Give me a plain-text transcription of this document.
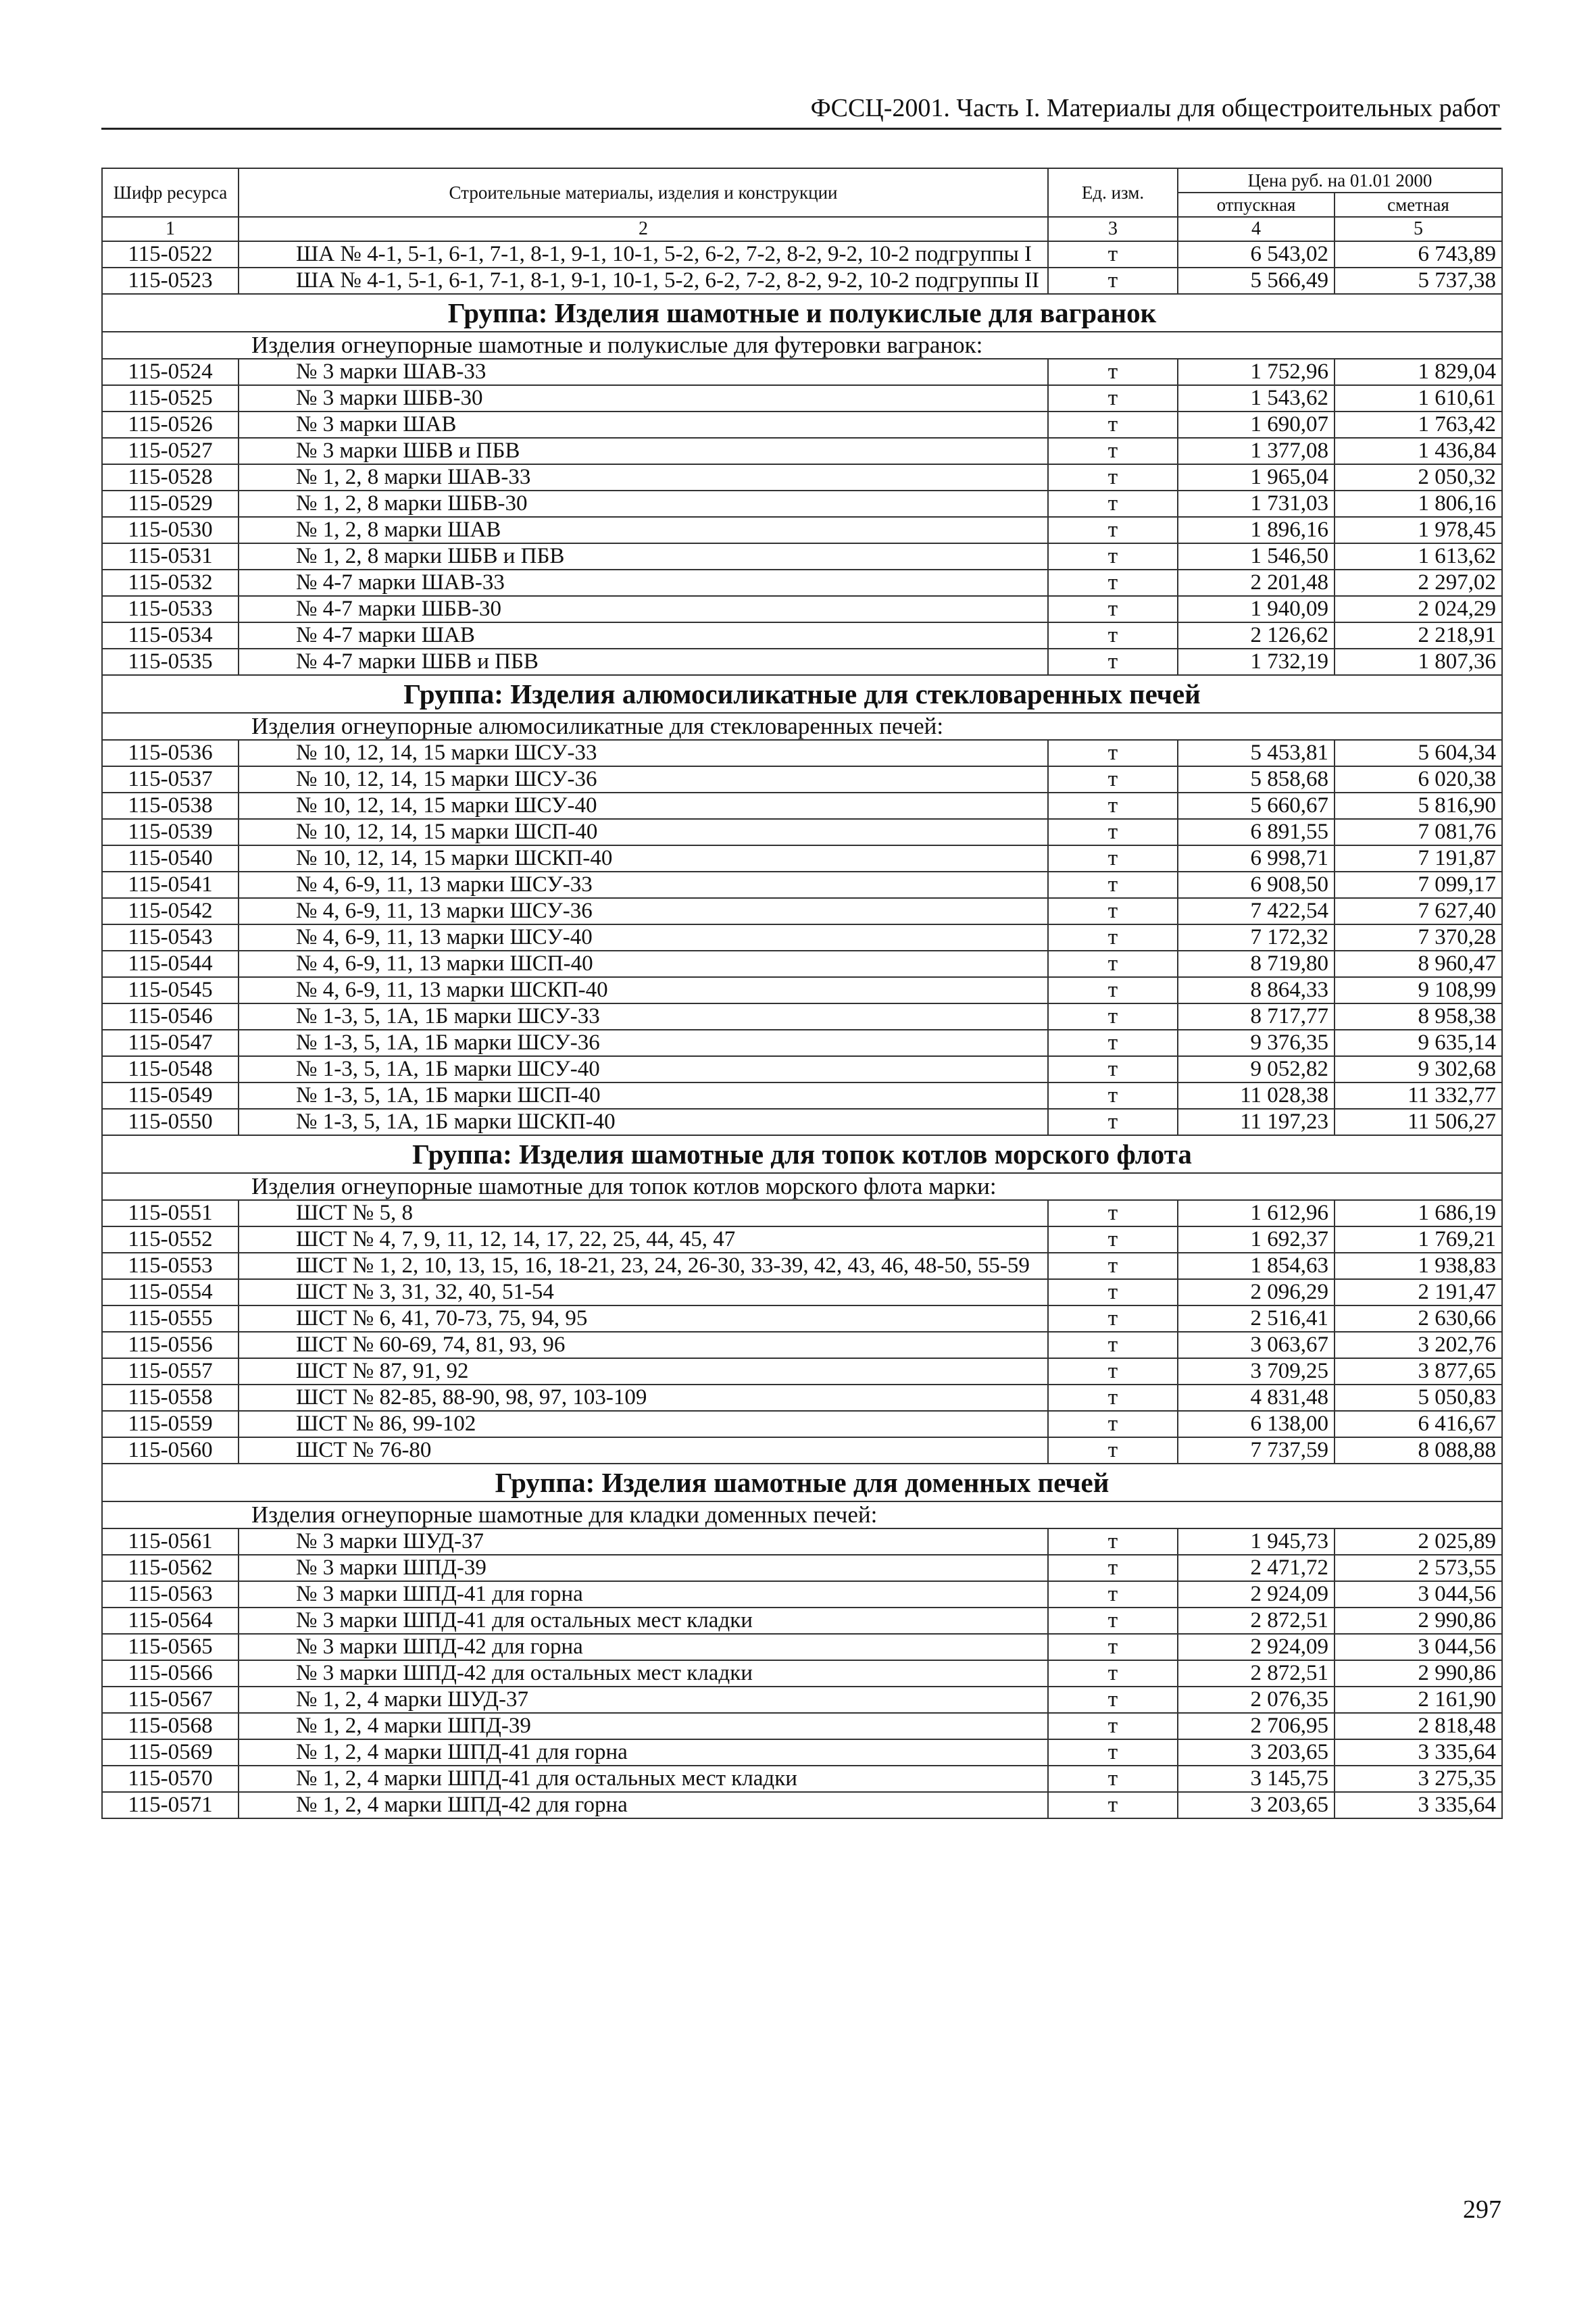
ФССЦ-2001. Часть I. Материалы для общестроительных работ
Шифр ресурса	Строительные материалы, изделия и конструкции	Ед. изм.	Цена руб. на 01.01 2000	
			отпускная	сметная
1	2	3	4	5
115-0522	ША № 4-1, 5-1, 6-1, 7-1, 8-1, 9-1, 10-1, 5-2, 6-2, 7-2, 8-2, 9-2, 10-2 подгруппы I	т	6 543,02	6 743,89
115-0523	ША № 4-1, 5-1, 6-1, 7-1, 8-1, 9-1, 10-1, 5-2, 6-2, 7-2, 8-2, 9-2, 10-2 подгруппы II	т	5 566,49	5 737,38
Группа: Изделия шамотные и полукислые для вагранок				
Изделия огнеупорные шамотные и полукислые для футеровки вагранок:				
115-0524	№ 3 марки ШАВ-33	т	1 752,96	1 829,04
115-0525	№ 3 марки ШБВ-30	т	1 543,62	1 610,61
115-0526	№ 3 марки ШАВ	т	1 690,07	1 763,42
115-0527	№ 3 марки ШБВ и ПБВ	т	1 377,08	1 436,84
115-0528	№ 1, 2, 8 марки ШАВ-33	т	1 965,04	2 050,32
115-0529	№ 1, 2, 8 марки ШБВ-30	т	1 731,03	1 806,16
115-0530	№ 1, 2, 8 марки ШАВ	т	1 896,16	1 978,45
115-0531	№ 1, 2, 8 марки ШБВ и ПБВ	т	1 546,50	1 613,62
115-0532	№ 4-7 марки ШАВ-33	т	2 201,48	2 297,02
115-0533	№ 4-7 марки ШБВ-30	т	1 940,09	2 024,29
115-0534	№ 4-7 марки ШАВ	т	2 126,62	2 218,91
115-0535	№ 4-7 марки ШБВ и ПБВ	т	1 732,19	1 807,36
Группа: Изделия алюмосиликатные для стекловаренных печей				
Изделия огнеупорные алюмосиликатные для стекловаренных печей:				
115-0536	№ 10, 12, 14, 15 марки ШСУ-33	т	5 453,81	5 604,34
115-0537	№ 10, 12, 14, 15 марки ШСУ-36	т	5 858,68	6 020,38
115-0538	№ 10, 12, 14, 15 марки ШСУ-40	т	5 660,67	5 816,90
115-0539	№ 10, 12, 14, 15 марки ШСП-40	т	6 891,55	7 081,76
115-0540	№ 10, 12, 14, 15 марки ШСКП-40	т	6 998,71	7 191,87
115-0541	№ 4, 6-9, 11, 13 марки ШСУ-33	т	6 908,50	7 099,17
115-0542	№ 4, 6-9, 11, 13 марки ШСУ-36	т	7 422,54	7 627,40
115-0543	№ 4, 6-9, 11, 13 марки ШСУ-40	т	7 172,32	7 370,28
115-0544	№ 4, 6-9, 11, 13 марки ШСП-40	т	8 719,80	8 960,47
115-0545	№ 4, 6-9, 11, 13 марки ШСКП-40	т	8 864,33	9 108,99
115-0546	№ 1-3, 5, 1А, 1Б марки ШСУ-33	т	8 717,77	8 958,38
115-0547	№ 1-3, 5, 1А, 1Б марки ШСУ-36	т	9 376,35	9 635,14
115-0548	№ 1-3, 5, 1А, 1Б марки ШСУ-40	т	9 052,82	9 302,68
115-0549	№ 1-3, 5, 1А, 1Б марки ШСП-40	т	11 028,38	11 332,77
115-0550	№ 1-3, 5, 1А, 1Б марки ШСКП-40	т	11 197,23	11 506,27
Группа: Изделия шамотные для топок котлов морского флота				
Изделия огнеупорные шамотные для топок котлов морского флота марки:				
115-0551	ШСТ № 5, 8	т	1 612,96	1 686,19
115-0552	ШСТ № 4, 7, 9, 11, 12, 14, 17, 22, 25, 44, 45, 47	т	1 692,37	1 769,21
115-0553	ШСТ № 1, 2, 10, 13, 15, 16, 18-21, 23, 24, 26-30, 33-39, 42, 43, 46, 48-50, 55-59	т	1 854,63	1 938,83
115-0554	ШСТ № 3, 31, 32, 40, 51-54	т	2 096,29	2 191,47
115-0555	ШСТ № 6, 41, 70-73, 75, 94, 95	т	2 516,41	2 630,66
115-0556	ШСТ № 60-69, 74, 81, 93, 96	т	3 063,67	3 202,76
115-0557	ШСТ № 87, 91, 92	т	3 709,25	3 877,65
115-0558	ШСТ № 82-85, 88-90, 98, 97, 103-109	т	4 831,48	5 050,83
115-0559	ШСТ № 86, 99-102	т	6 138,00	6 416,67
115-0560	ШСТ № 76-80	т	7 737,59	8 088,88
Группа: Изделия шамотные для доменных печей				
Изделия огнеупорные шамотные для кладки доменных печей:				
115-0561	№ 3 марки ШУД-37	т	1 945,73	2 025,89
115-0562	№ 3 марки ШПД-39	т	2 471,72	2 573,55
115-0563	№ 3 марки ШПД-41 для горна	т	2 924,09	3 044,56
115-0564	№ 3 марки ШПД-41 для остальных мест кладки	т	2 872,51	2 990,86
115-0565	№ 3 марки ШПД-42 для горна	т	2 924,09	3 044,56
115-0566	№ 3 марки ШПД-42 для остальных мест кладки	т	2 872,51	2 990,86
115-0567	№ 1, 2, 4 марки ШУД-37	т	2 076,35	2 161,90
115-0568	№ 1, 2, 4 марки ШПД-39	т	2 706,95	2 818,48
115-0569	№ 1, 2, 4 марки ШПД-41 для горна	т	3 203,65	3 335,64
115-0570	№ 1, 2, 4 марки ШПД-41 для остальных мест кладки	т	3 145,75	3 275,35
115-0571	№ 1, 2, 4 марки ШПД-42 для горна	т	3 203,65	3 335,64
297
